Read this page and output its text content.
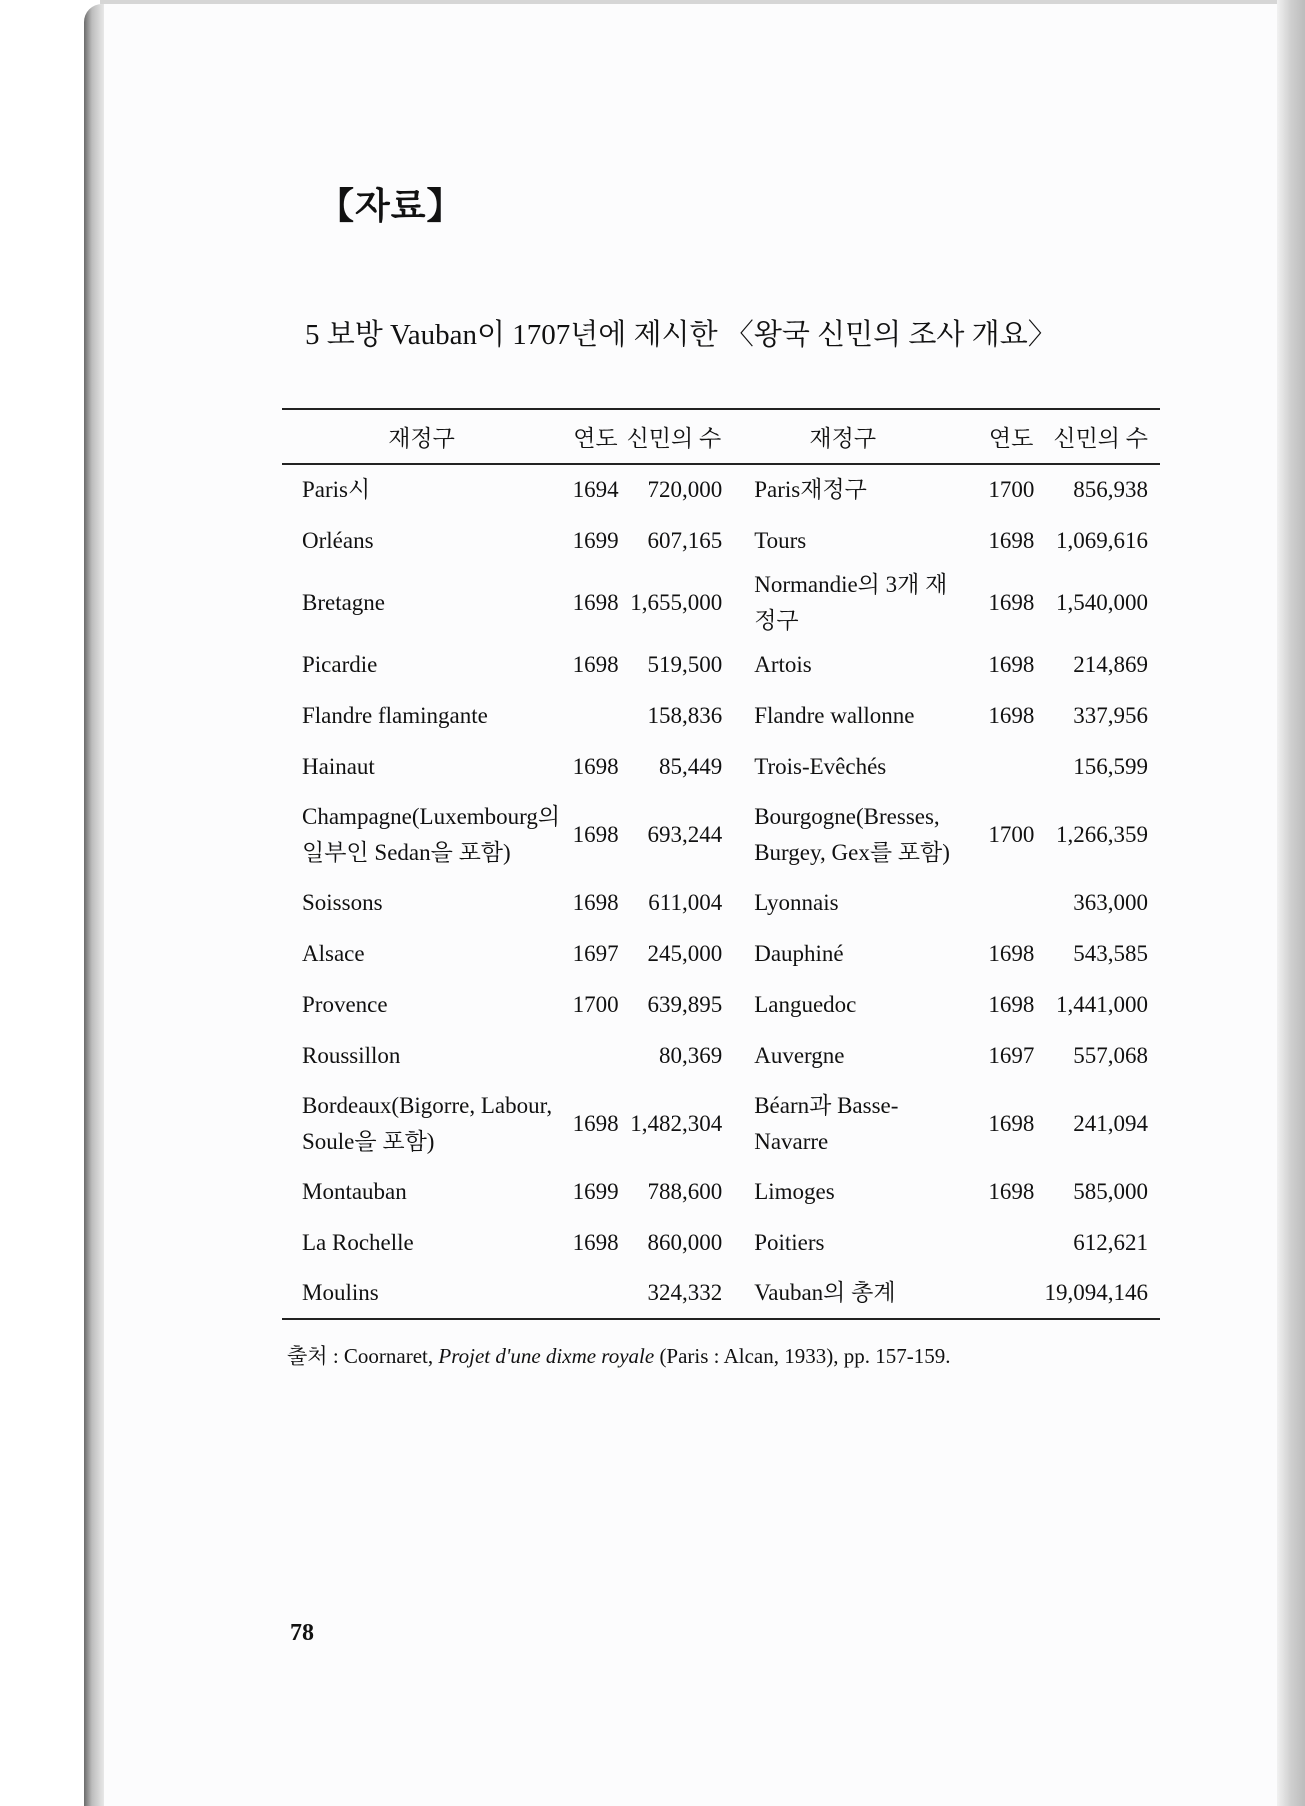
【자료】
5 보방 Vauban이 1707년에 제시한 〈왕국 신민의 조사 개요〉
재정구	연도	신민의 수	재정구	연도	신민의 수
Paris시	1694	720,000	Paris재정구	1700	856,938
Orléans	1699	607,165	Tours	1698	1,069,616
Bretagne	1698	1,655,000	Normandie의 3개 재정구	1698	1,540,000
Picardie	1698	519,500	Artois	1698	214,869
Flandre flamingante		158,836	Flandre wallonne	1698	337,956
Hainaut	1698	85,449	Trois-Evêchés		156,599
Champagne(Luxembourg의 일부인 Sedan을 포함)	1698	693,244	Bourgogne(Bresses, Burgey, Gex를 포함)	1700	1,266,359
Soissons	1698	611,004	Lyonnais		363,000
Alsace	1697	245,000	Dauphiné	1698	543,585
Provence	1700	639,895	Languedoc	1698	1,441,000
Roussillon		80,369	Auvergne	1697	557,068
Bordeaux(Bigorre, Labour, Soule을 포함)	1698	1,482,304	Béarn과 Basse-Navarre	1698	241,094
Montauban	1699	788,600	Limoges	1698	585,000
La Rochelle	1698	860,000	Poitiers		612,621
Moulins		324,332	Vauban의 총계		19,094,146
출처 : Coornaret, Projet d'une dixme royale (Paris : Alcan, 1933), pp. 157-159.
78
